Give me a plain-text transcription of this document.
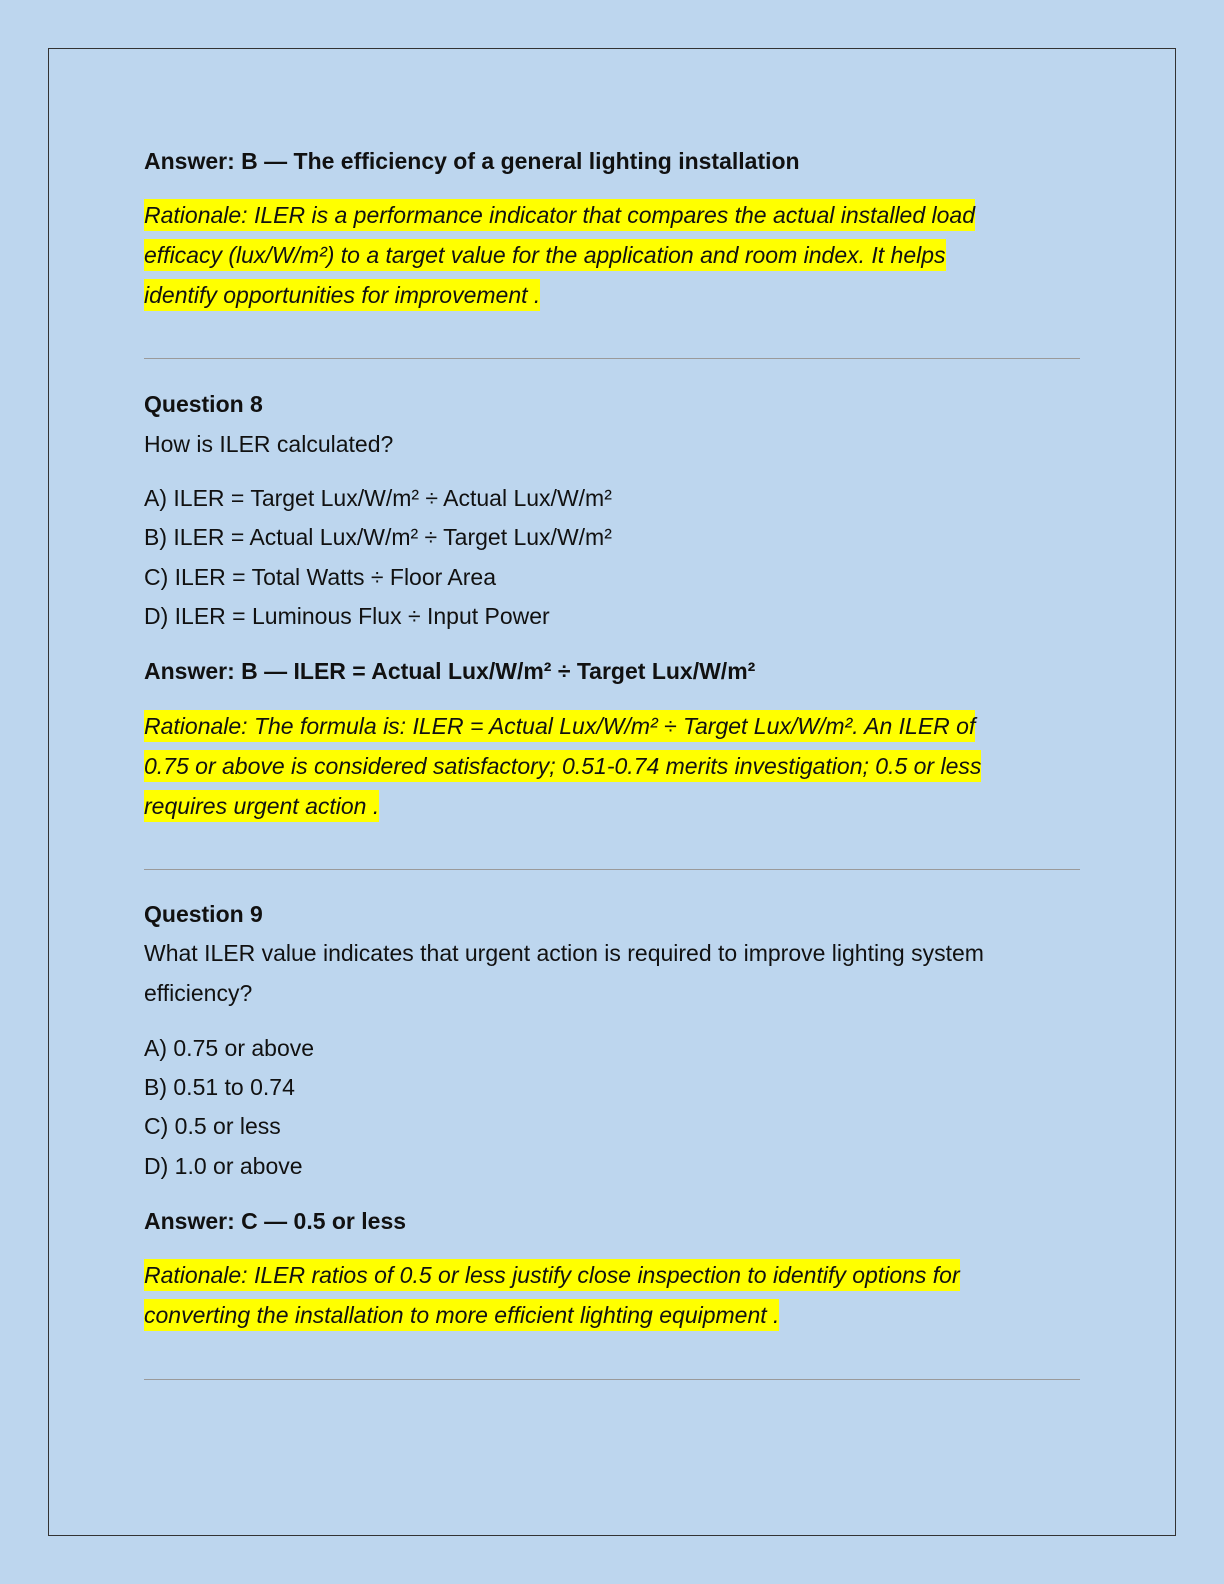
Answer: B — The efficiency of a general lighting installation
Rationale: ILER is a performance indicator that compares the actual installed load
efficacy (lux/W/m²) to a target value for the application and room index. It helps
identify opportunities for improvement .
Question 8
How is ILER calculated?
A) ILER = Target Lux/W/m² ÷ Actual Lux/W/m²
B) ILER = Actual Lux/W/m² ÷ Target Lux/W/m²
C) ILER = Total Watts ÷ Floor Area
D) ILER = Luminous Flux ÷ Input Power
Answer: B — ILER = Actual Lux/W/m² ÷ Target Lux/W/m²
Rationale: The formula is: ILER = Actual Lux/W/m² ÷ Target Lux/W/m². An ILER of
0.75 or above is considered satisfactory; 0.51-0.74 merits investigation; 0.5 or less
requires urgent action .
Question 9
What ILER value indicates that urgent action is required to improve lighting system
efficiency?
A) 0.75 or above
B) 0.51 to 0.74
C) 0.5 or less
D) 1.0 or above
Answer: C — 0.5 or less
Rationale: ILER ratios of 0.5 or less justify close inspection to identify options for
converting the installation to more efficient lighting equipment .
